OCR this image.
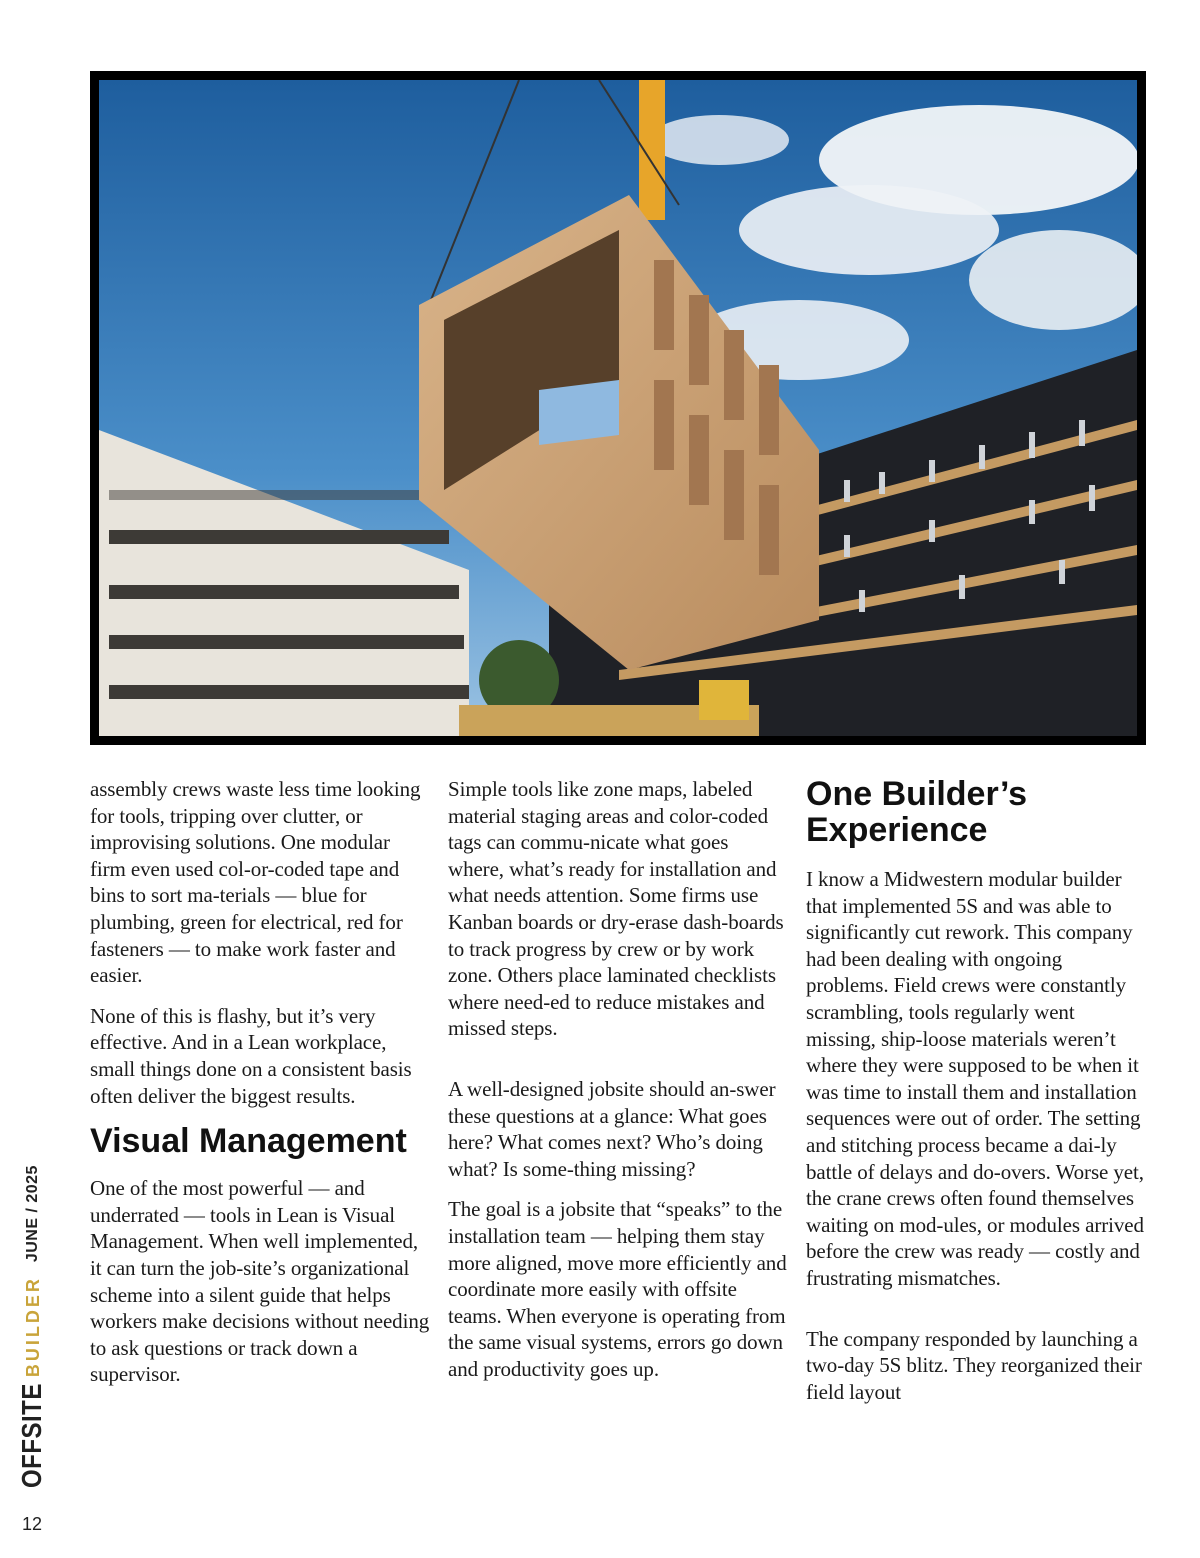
assembly crews waste less time looking for tools, tripping over clutter, or improvising solutions. One modular firm even used col-or-coded tape and bins to sort ma-terials — blue for plumbing, green for electrical, red for fasteners — to make work faster and easier.

None of this is flashy, but it’s very effective. And in a Lean workplace, small things done on a consistent basis often deliver the biggest results.

Visual Management

One of the most powerful — and underrated — tools in Lean is Visual Management. When well implemented, it can turn the job-site’s organizational scheme into a silent guide that helps workers make decisions without needing to ask questions or track down a supervisor.

Simple tools like zone maps, labeled material staging areas and color-coded tags can commu-nicate what goes where, what’s ready for installation and what needs attention. Some firms use Kanban boards or dry-erase dash-boards to track progress by crew or by work zone. Others place laminated checklists where need-ed to reduce mistakes and missed steps.

A well-designed jobsite should an-swer these questions at a glance: What goes here? What comes next? Who’s doing what? Is some-thing missing?

The goal is a jobsite that “speaks” to the installation team — helping them stay more aligned, move more efficiently and coordinate more easily with offsite teams. When everyone is operating from the same visual systems, errors go down and productivity goes up.

One Builder’s Experience

I know a Midwestern modular builder that implemented 5S and was able to significantly cut rework. This company had been dealing with ongoing problems. Field crews were constantly scrambling, tools regularly went missing, ship-loose materials weren’t where they were supposed to be when it was time to install them and installation sequences were out of order. The setting and stitching process became a dai-ly battle of delays and do-overs. Worse yet, the crane crews often found themselves waiting on mod-ules, or modules arrived before the crew was ready — costly and frustrating mismatches.

The company responded by launching a two-day 5S blitz. They reorganized their field layout

OFFSITE
BUILDER
JUNE / 2025
12
